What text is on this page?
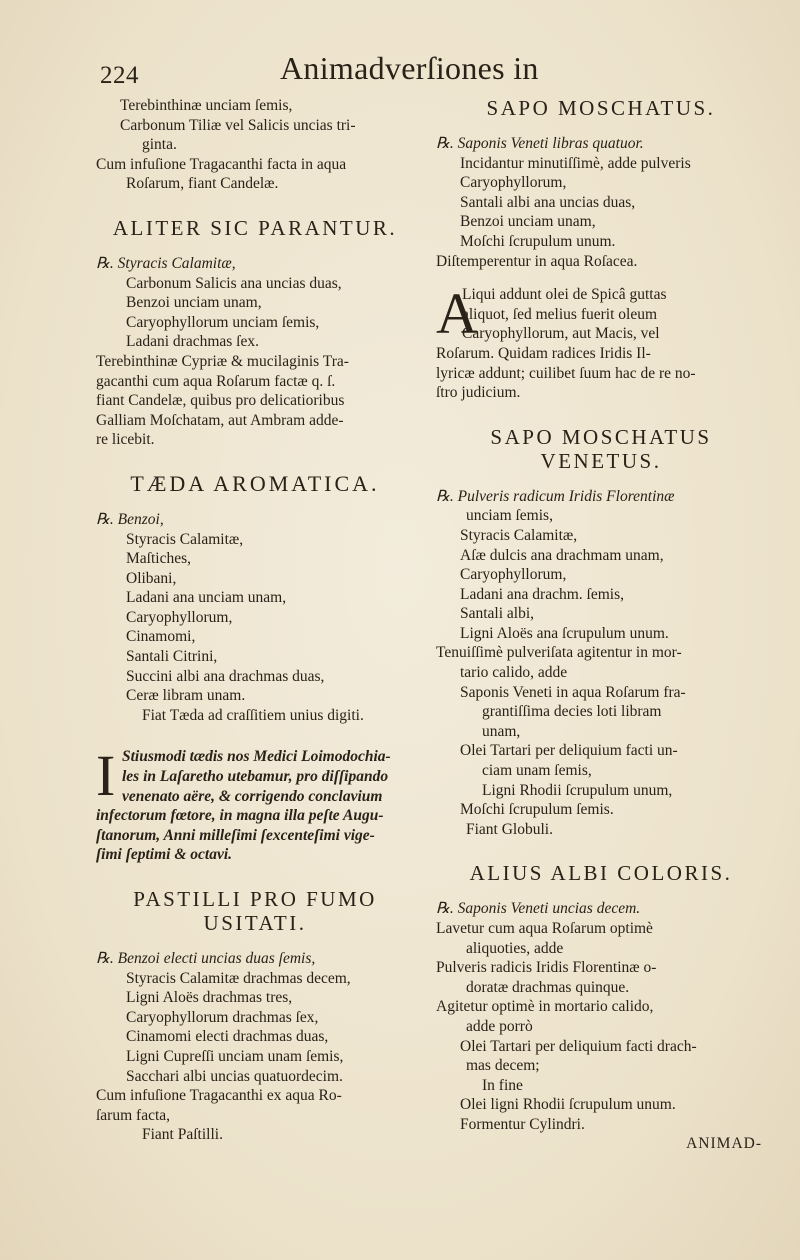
224	Animadverſiones in
Terebinthinæ unciam ſemis,
Carbonum Tiliæ vel Salicis uncias tri-
ginta.
Cum infuſione Tragacanthi facta in aqua
Roſarum, fiant Candelæ.
ALITER SIC PARANTUR.
℞. Styracis Calamitæ,
Carbonum Salicis ana uncias duas,
Benzoi unciam unam,
Caryophyllorum unciam ſemis,
Ladani drachmas ſex.
Terebinthinæ Cypriæ & mucilaginis Tra-
gacanthi cum aqua Roſarum factæ q. ſ.
fiant Candelæ, quibus pro delicatioribus
Galliam Moſchatam, aut Ambram adde-
re licebit.
TÆDA AROMATICA.
℞. Benzoi,
Styracis Calamitæ,
Maſtiches,
Olibani,
Ladani ana unciam unam,
Caryophyllorum,
Cinamomi,
Santali Citrini,
Succini albi ana drachmas duas,
Ceræ libram unam.
Fiat Tæda ad craſſitiem unius digiti.
I Stiusmodi tædis nos Medici Loimodochia-
les in Laſaretho utebamur, pro diſſipando
venenato aëre, & corrigendo conclavium
infectorum fœtore, in magna illa peſte Augu-
ſtanorum, Anni milleſimi ſexcenteſimi vige-
ſimi ſeptimi & octavi.
PASTILLI PRO FUMO
USITATI.
℞. Benzoi electi uncias duas ſemis,
Styracis Calamitæ drachmas decem,
Ligni Aloës drachmas tres,
Caryophyllorum drachmas ſex,
Cinamomi electi drachmas duas,
Ligni Cupreſſi unciam unam ſemis,
Sacchari albi uncias quatuordecim.
Cum infuſione Tragacanthi ex aqua Ro-
ſarum facta,
Fiant Paſtilli.
SAPO MOSCHATUS.
℞. Saponis Veneti libras quatuor.
Incidantur minutiſſimè, adde pulveris
Caryophyllorum,
Santali albi ana uncias duas,
Benzoi unciam unam,
Moſchi ſcrupulum unum.
Diſtemperentur in aqua Roſacea.
A
Liqui addunt olei de Spicâ guttas
aliquot, ſed melius fuerit oleum
Caryophyllorum, aut Macis, vel
Roſarum. Quidam radices Iridis Il-
lyricæ addunt; cuilibet ſuum hac de re no-
ſtro judicium.
SAPO MOSCHATUS
VENETUS.
℞. Pulveris radicum Iridis Florentinæ
unciam ſemis,
Styracis Calamitæ,
Aſæ dulcis ana drachmam unam,
Caryophyllorum,
Ladani ana drachm. ſemis,
Santali albi,
Ligni Aloës ana ſcrupulum unum.
Tenuiſſimè pulveriſata agitentur in mor-
tario calido, adde
Saponis Veneti in aqua Roſarum fra-
grantiſſima decies loti libram
unam,
Olei Tartari per deliquium facti un-
ciam unam ſemis,
Ligni Rhodii ſcrupulum unum,
Moſchi ſcrupulum ſemis.
Fiant Globuli.
ALIUS ALBI COLORIS.
℞. Saponis Veneti uncias decem.
Lavetur cum aqua Roſarum optimè
aliquoties, adde
Pulveris radicis Iridis Florentinæ o-
doratæ drachmas quinque.
Agitetur optimè in mortario calido,
adde porrò
Olei Tartari per deliquium facti drach-
mas decem;
In fine
Olei ligni Rhodii ſcrupulum unum.
Formentur Cylindri.
ANIMAD-
